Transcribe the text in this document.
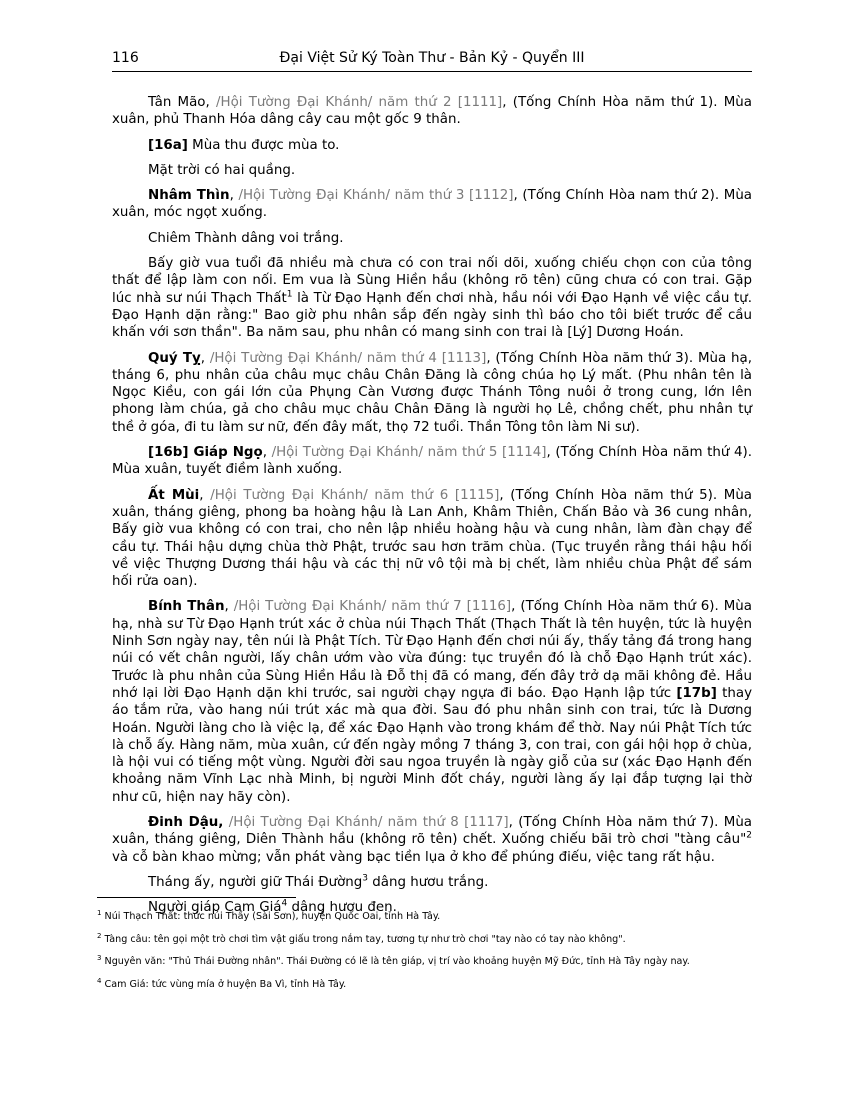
Đại Việt Sử Ký Toàn Thư - Bản Kỷ - Quyển III
116

Tân Mão, /Hội Tường Đại Khánh/ năm thứ 2 [1111], (Tống Chính Hòa năm thứ 1). Mùa xuân, phủ Thanh Hóa dâng cây cau một gốc 9 thân.

[16a] Mùa thu được mùa to.

Mặt trời có hai quầng.

Nhâm Thìn, /Hội Tường Đại Khánh/ năm thứ 3 [1112], (Tống Chính Hòa nam thứ 2). Mùa xuân, móc ngọt xuống.

Chiêm Thành dâng voi trắng.

Bấy giờ vua tuổi đã nhiều mà chưa có con trai nối dõi, xuống chiếu chọn con của tông thất để lập làm con nối. Em vua là Sùng Hiền hầu (không rõ tên) cũng chưa có con trai. Gặp lúc nhà sư núi Thạch Thất$^1$ là Từ Đạo Hạnh đến chơi nhà, hầu nói với Đạo Hạnh về việc cầu tự. Đạo Hạnh dặn rằng:" Bao giờ phu nhân sắp đến ngày sinh thì báo cho tôi biết trước để cầu khấn với sơn thần". Ba năm sau, phu nhân có mang sinh con trai là [Lý] Dương Hoán.

Quý Tỵ, /Hội Tường Đại Khánh/ năm thứ 4 [1113], (Tống Chính Hòa năm thứ 3). Mùa hạ, tháng 6, phu nhân của châu mục châu Chân Đăng là công chúa họ Lý mất. (Phu nhân tên là Ngọc Kiều, con gái lớn của Phụng Càn Vương được Thánh Tông nuôi ở trong cung, lớn lên phong làm chúa, gả cho châu mục châu Chân Đăng là người họ Lê, chồng chết, phu nhân tự thề ở góa, đi tu làm sư nữ, đến đây mất, thọ 72 tuổi. Thần Tông tôn làm Ni sư).

[16b] Giáp Ngọ, /Hội Tường Đại Khánh/ năm thứ 5 [1114], (Tống Chính Hòa năm thứ 4). Mùa xuân, tuyết điềm lành xuống.

Ất Mùi, /Hội Tường Đại Khánh/ năm thứ 6 [1115], (Tống Chính Hòa năm thứ 5). Mùa xuân, tháng giêng, phong ba hoàng hậu là Lan Anh, Khâm Thiên, Chấn Bảo và 36 cung nhân, Bấy giờ vua không có con trai, cho nên lập nhiều hoàng hậu và cung nhân, làm đàn chạy để cầu tự. Thái hậu dựng chùa thờ Phật, trước sau hơn trăm chùa. (Tục truyền rằng thái hậu hối về việc Thượng Dương thái hậu và các thị nữ vô tội mà bị chết, làm nhiều chùa Phật để sám hối rửa oan).

Bính Thân, /Hội Tường Đại Khánh/ năm thứ 7 [1116], (Tống Chính Hòa năm thứ 6). Mùa hạ, nhà sư Từ Đạo Hạnh trút xác ở chùa núi Thạch Thất (Thạch Thất là tên huyện, tức là huyện Ninh Sơn ngày nay, tên núi là Phật Tích. Từ Đạo Hạnh đến chơi núi ấy, thấy tảng đá trong hang núi có vết chân người, lấy chân ướm vào vừa đúng: tục truyền đó là chỗ Đạo Hạnh trút xác). Trước là phu nhân của Sùng Hiền Hầu là Đỗ thị đã có mang, đến đây trở dạ mãi không đẻ. Hầu nhớ lại lời Đạo Hạnh dặn khi trước, sai người chạy ngựa đi báo. Đạo Hạnh lập tức [17b] thay áo tắm rửa, vào hang núi trút xác mà qua đời. Sau đó phu nhân sinh con trai, tức là Dương Hoán. Người làng cho là việc lạ, để xác Đạo Hạnh vào trong khám để thờ. Nay núi Phật Tích tức là chỗ ấy. Hàng năm, mùa xuân, cứ đến ngày mồng 7 tháng 3, con trai, con gái hội họp ở chùa, là hội vui có tiếng một vùng. Người đời sau ngoa truyền là ngày giỗ của sư (xác Đạo Hạnh đến khoảng năm Vĩnh Lạc nhà Minh, bị người Minh đốt cháy, người làng ấy lại đắp tượng lại thờ như cũ, hiện nay hãy còn).

Đinh Dậu, /Hội Tường Đại Khánh/ năm thứ 8 [1117], (Tống Chính Hòa năm thứ 7). Mùa xuân, tháng giêng, Diên Thành hầu (không rõ tên) chết. Xuống chiếu bãi trò chơi "tàng câu"$^2$ và cỗ bàn khao mừng; vẫn phát vàng bạc tiền lụa ở kho để phúng điếu, việc tang rất hậu.

Tháng ấy, người giữ Thái Đường$^3$ dâng hươu trắng.

Người giáp Cam Giá$^4$ dâng hươu đen.

$^1$ Núi Thạch Thất: thức núi Thầy (Sài Sơn), huyện Quốc Oai, tỉnh Hà Tây.

$^2$ Tàng câu: tên gọi một trò chơi tìm vật giấu trong nắm tay, tương tự như trò chơi "tay nào có tay nào không".

$^3$ Nguyên văn: "Thủ Thái Đường nhân". Thái Đường có lẽ là tên giáp, vị trí vào khoảng huyện Mỹ Đức, tỉnh Hà Tây ngày nay.

$^4$ Cam Giá: tức vùng mía ở huyện Ba Vì, tỉnh Hà Tây.
